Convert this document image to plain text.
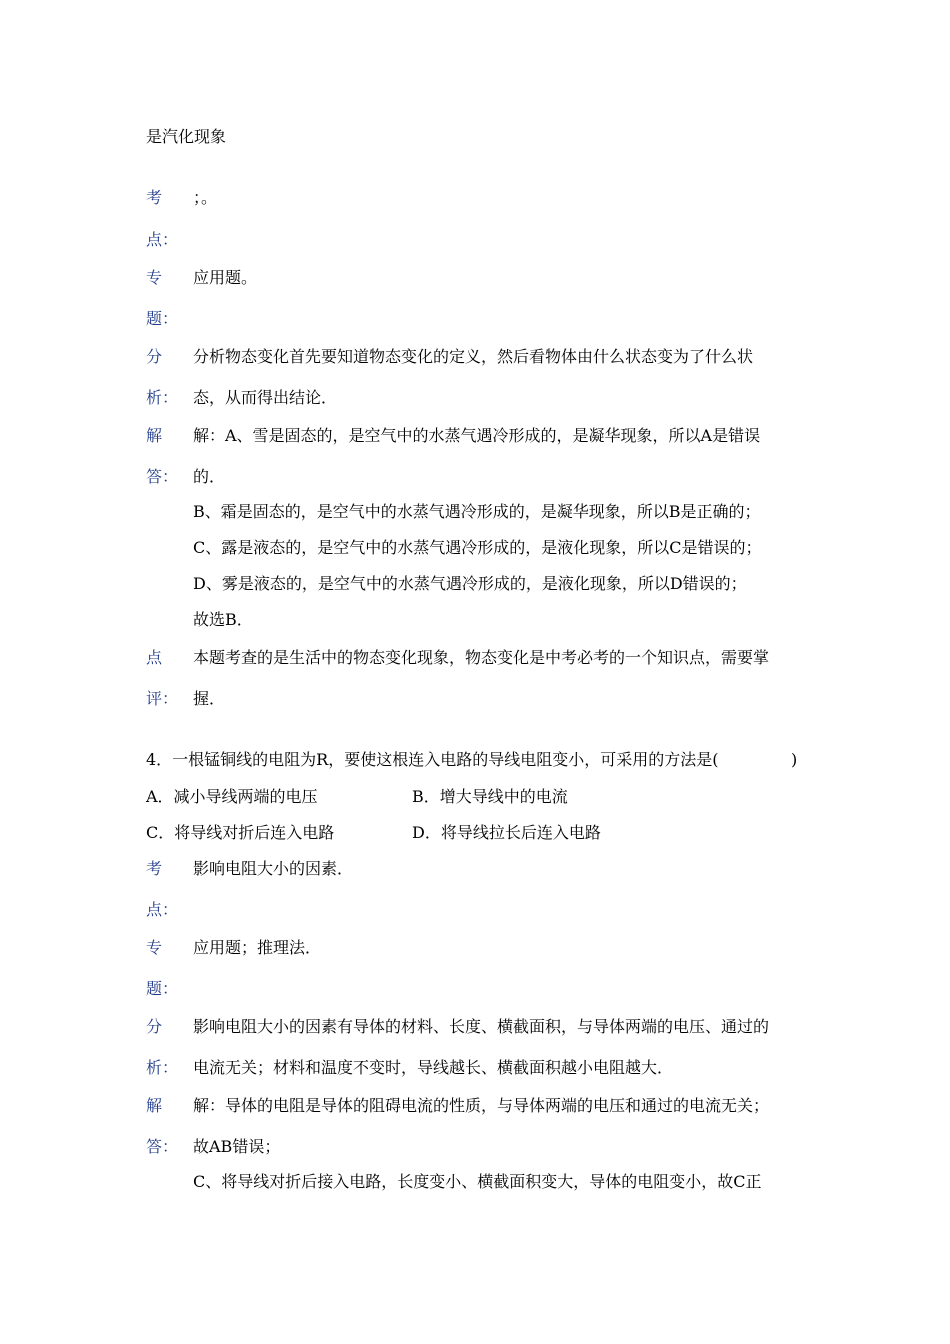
是汽化现象
考 ；。
点：
专 应用题。
题：
分 分析物态变化首先要知道物态变化的定义，然后看物体由什么状态变为了什么状
析： 态，从而得出结论．
解 解：A、雪是固态的，是空气中的水蒸气遇冷形成的，是凝华现象，所以A是错误
答： 的．
B、霜是固态的，是空气中的水蒸气遇冷形成的，是凝华现象，所以B是正确的；
C、露是液态的，是空气中的水蒸气遇冷形成的，是液化现象，所以C是错误的；
D、雾是液态的，是空气中的水蒸气遇冷形成的，是液化现象，所以D错误的；
故选B．
点 本题考查的是生活中的物态变化现象，物态变化是中考必考的一个知识点，需要掌
评： 握．
4．一根锰铜线的电阻为R，要使这根连入电路的导线电阻变小，可采用的方法是(	)
A．减小导线两端的电压	B．增大导线中的电流
C．将导线对折后连入电路	D．将导线拉长后连入电路
考 影响电阻大小的因素．
点：
专 应用题；推理法．
题：
分 影响电阻大小的因素有导体的材料、长度、横截面积，与导体两端的电压、通过的
析： 电流无关；材料和温度不变时，导线越长、横截面积越小电阻越大．
解 解：导体的电阻是导体的阻碍电流的性质，与导体两端的电压和通过的电流无关；
答： 故AB错误；
C、将导线对折后接入电路，长度变小、横截面积变大，导体的电阻变小，故C正
